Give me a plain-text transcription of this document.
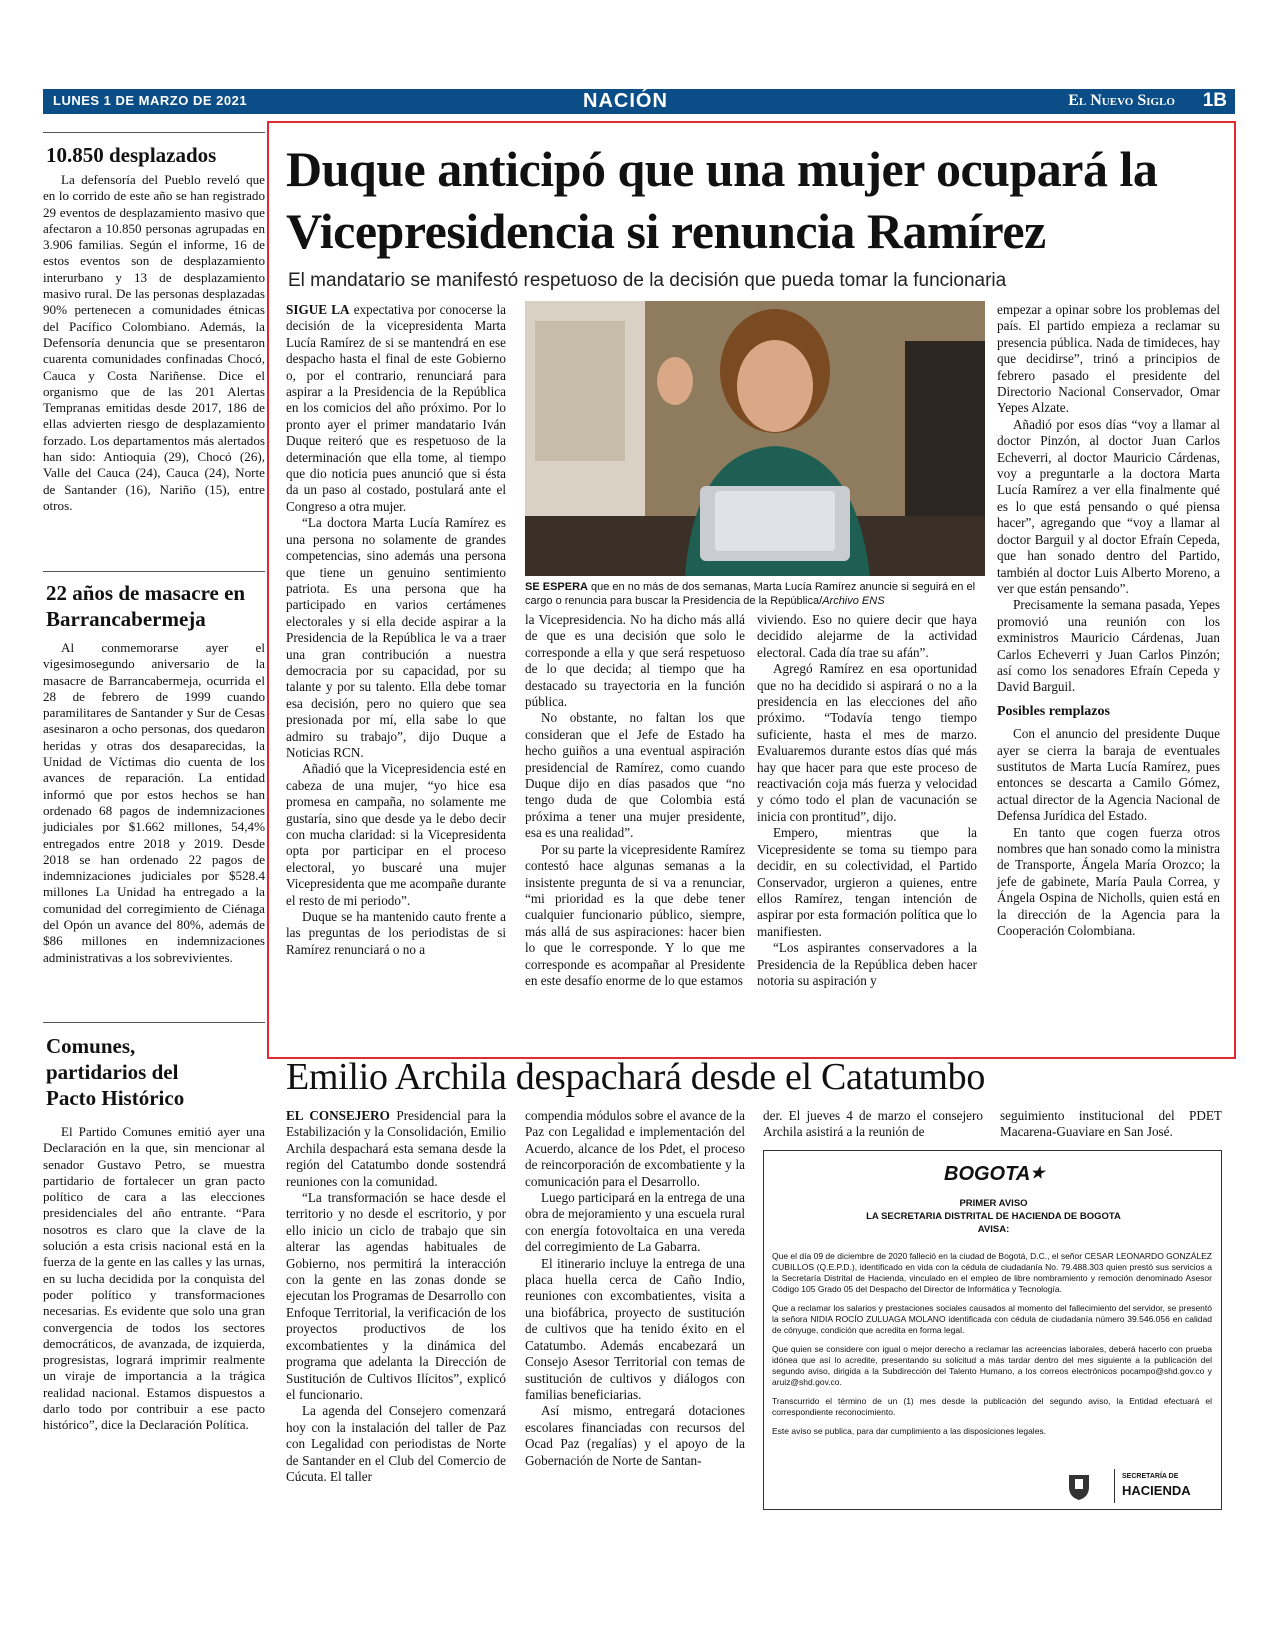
LUNES 1 DE MARZO DE 2021	NACIÓN	El Nuevo Siglo 1B
10.850 desplazados

La defensoría del Pueblo reveló que en lo corrido de este año se han registrado 29 eventos de desplazamiento masivo que afectaron a 10.850 personas agrupadas en 3.906 familias. Según el informe, 16 de estos eventos son de desplazamiento interurbano y 13 de desplazamiento masivo rural. De las personas desplazadas 90% pertenecen a comunidades étnicas del Pacífico Colombiano. Además, la Defensoría denuncia que se presentaron cuarenta comunidades confinadas Chocó, Cauca y Costa Nariñense. Dice el organismo que de las 201 Alertas Tempranas emitidas desde 2017, 186 de ellas advierten riesgo de desplazamiento forzado. Los departamentos más alertados han sido: Antioquia (29), Chocó (26), Valle del Cauca (24), Cauca (24), Norte de Santander (16), Nariño (15), entre otros.

22 años de masacre en Barrancabermeja

Al conmemorarse ayer el vigesimosegundo aniversario de la masacre de Barrancabermeja, ocurrida el 28 de febrero de 1999 cuando paramilitares de Santander y Sur de Cesas asesinaron a ocho personas, dos quedaron heridas y otras dos desaparecidas, la Unidad de Víctimas dio cuenta de los avances de reparación. La entidad informó que por estos hechos se han ordenado 68 pagos de indemnizaciones judiciales por $1.662 millones, 54,4% entregados entre 2018 y 2019. Desde 2018 se han ordenado 22 pagos de indemnizaciones judiciales por $528.4 millones La Unidad ha entregado a la comunidad del corregimiento de Ciénaga del Opón un avance del 80%, además de $86 millones en indemnizaciones administrativas a los sobrevivientes.

Comunes, partidarios del Pacto Histórico

El Partido Comunes emitió ayer una Declaración en la que, sin mencionar al senador Gustavo Petro, se muestra partidario de fortalecer un gran pacto político de cara a las elecciones presidenciales del año entrante. “Para nosotros es claro que la clave de la solución a esta crisis nacional está en la fuerza de la gente en las calles y las urnas, en su lucha decidida por la conquista del poder político y transformaciones necesarias. Es evidente que solo una gran convergencia de todos los sectores democráticos, de avanzada, de izquierda, progresistas, logrará imprimir realmente un viraje de importancia a la trágica realidad nacional. Estamos dispuestos a darlo todo por contribuir a ese pacto histórico”, dice la Declaración Política.

Duque anticipó que una mujer ocupará la Vicepresidencia si renuncia Ramírez
El mandatario se manifestó respetuoso de la decisión que pueda tomar la funcionaria

SIGUE LA expectativa por conocerse la decisión de la vicepresidenta Marta Lucía Ramírez de si se mantendrá en ese despacho hasta el final de este Gobierno o, por el contrario, renunciará para aspirar a la Presidencia de la República en los comicios del año próximo. Por lo pronto ayer el primer mandatario Iván Duque reiteró que es respetuoso de la determinación que ella tome, al tiempo que dio noticia pues anunció que si ésta da un paso al costado, postulará ante el Congreso a otra mujer.

“La doctora Marta Lucía Ramírez es una persona no solamente de grandes competencias, sino además una persona que tiene un genuino sentimiento patriota. Es una persona que ha participado en varios certámenes electorales y si ella decide aspirar a la Presidencia de la República le va a traer una gran contribución a nuestra democracia por su capacidad, por su talante y por su talento. Ella debe tomar esa decisión, pero no quiero que sea presionada por mí, ella sabe lo que admiro su trabajo”, dijo Duque a Noticias RCN.

Añadió que la Vicepresidencia esté en cabeza de una mujer, “yo hice esa promesa en campaña, no solamente me gustaría, sino que desde ya le debo decir con mucha claridad: si la Vicepresidenta opta por participar en el proceso electoral, yo buscaré una mujer Vicepresidenta que me acompañe durante el resto de mi periodo”.

Duque se ha mantenido cauto frente a las preguntas de los periodistas de si Ramírez renunciará o no a

SE ESPERA que en no más de dos semanas, Marta Lucía Ramírez anuncie si seguirá en el cargo o renuncia para buscar la Presidencia de la República/Archivo ENS

la Vicepresidencia. No ha dicho más allá de que es una decisión que solo le corresponde a ella y que será respetuoso de lo que decida; al tiempo que ha destacado su trayectoria en la función pública.

No obstante, no faltan los que consideran que el Jefe de Estado ha hecho guiños a una eventual aspiración presidencial de Ramírez, como cuando Duque dijo en días pasados que “no tengo duda de que Colombia está próxima a tener una mujer presidente, esa es una realidad”.

Por su parte la vicepresidente Ramírez contestó hace algunas semanas a la insistente pregunta de si va a renunciar, “mi prioridad es la que debe tener cualquier funcionario público, siempre, más allá de sus aspiraciones: hacer bien lo que le corresponde. Y lo que me corresponde es acompañar al Presidente en este desafío enorme de lo que estamos

viviendo. Eso no quiere decir que haya decidido alejarme de la actividad electoral. Cada día trae su afán”.

Agregó Ramírez en esa oportunidad que no ha decidido si aspirará o no a la presidencia en las elecciones del año próximo. “Todavía tengo tiempo suficiente, hasta el mes de marzo. Evaluaremos durante estos días qué más hay que hacer para que este proceso de reactivación coja más fuerza y velocidad y cómo todo el plan de vacunación se inicia con prontitud”, dijo.

Empero, mientras que la Vicepresidente se toma su tiempo para decidir, en su colectividad, el Partido Conservador, urgieron a quienes, entre ellos Ramírez, tengan intención de aspirar por esta formación política que lo manifiesten.

“Los aspirantes conservadores a la Presidencia de la República deben hacer notoria su aspiración y

empezar a opinar sobre los problemas del país. El partido empieza a reclamar su presencia pública. Nada de timideces, hay que decidirse”, trinó a principios de febrero pasado el presidente del Directorio Nacional Conservador, Omar Yepes Alzate.

Añadió por esos días “voy a llamar al doctor Pinzón, al doctor Juan Carlos Echeverri, al doctor Mauricio Cárdenas, voy a preguntarle a la doctora Marta Lucía Ramírez a ver ella finalmente qué es lo que está pensando o qué piensa hacer”, agregando que “voy a llamar al doctor Barguil y al doctor Efraín Cepeda, que han sonado dentro del Partido, también al doctor Luis Alberto Moreno, a ver que están pensando”.

Precisamente la semana pasada, Yepes promovió una reunión con los exministros Mauricio Cárdenas, Juan Carlos Echeverri y Juan Carlos Pinzón; así como los senadores Efraín Cepeda y David Barguil.

Posibles remplazos

Con el anuncio del presidente Duque ayer se cierra la baraja de eventuales sustitutos de Marta Lucía Ramírez, pues entonces se descarta a Camilo Gómez, actual director de la Agencia Nacional de Defensa Jurídica del Estado.

En tanto que cogen fuerza otros nombres que han sonado como la ministra de Transporte, Ángela María Orozco; la jefe de gabinete, María Paula Correa, y Ángela Ospina de Nicholls, quien está en la dirección de la Agencia para la Cooperación Colombiana.

Emilio Archila despachará desde el Catatumbo

EL CONSEJERO Presidencial para la Estabilización y la Consolidación, Emilio Archila despachará esta semana desde la región del Catatumbo donde sostendrá reuniones con la comunidad.

“La transformación se hace desde el territorio y no desde el escritorio, y por ello inicio un ciclo de trabajo que sin alterar las agendas habituales de Gobierno, nos permitirá la interacción con la gente en las zonas donde se ejecutan los Programas de Desarrollo con Enfoque Territorial, la verificación de los proyectos productivos de los excombatientes y la dinámica del programa que adelanta la Dirección de Sustitución de Cultivos Ilícitos”, explicó el funcionario.

La agenda del Consejero comenzará hoy con la instalación del taller de Paz con Legalidad con periodistas de Norte de Santander en el Club del Comercio de Cúcuta. El taller

compendia módulos sobre el avance de la Paz con Legalidad e implementación del Acuerdo, alcance de los Pdet, el proceso de reincorporación de excombatiente y la comunicación para el Desarrollo.

Luego participará en la entrega de una obra de mejoramiento y una escuela rural con energía fotovoltaica en una vereda del corregimiento de La Gabarra.

El itinerario incluye la entrega de una placa huella cerca de Caño Indio, reuniones con excombatientes, visita a una biofábrica, proyecto de sustitución de cultivos que ha tenido éxito en el Catatumbo. Además encabezará un Consejo Asesor Territorial con temas de sustitución de cultivos y diálogos con familias beneficiarias.

Así mismo, entregará dotaciones escolares financiadas con recursos del Ocad Paz (regalías) y el apoyo de la Gobernación de Norte de Santan-

der. El jueves 4 de marzo el consejero Archila asistirá a la reunión de

seguimiento institucional del PDET Macarena-Guaviare en San José.

BOGOTA★
PRIMER AVISO
LA SECRETARIA DISTRITAL DE HACIENDA DE BOGOTA
AVISA:

Que el día 09 de diciembre de 2020 falleció en la ciudad de Bogotá, D.C., el señor CESAR LEONARDO GONZÁLEZ CUBILLOS (Q.E.P.D.), identificado en vida con la cédula de ciudadanía No. 79.488.303 quien prestó sus servicios a la Secretaría Distrital de Hacienda, vinculado en el empleo de libre nombramiento y remoción denominado Asesor Código 105 Grado 05 del Despacho del Director de Informática y Tecnología.

Que a reclamar los salarios y prestaciones sociales causados al momento del fallecimiento del servidor, se presentó la señora NIDIA ROCÍO ZULUAGA MOLANO identificada con cédula de ciudadanía número 39.546.056 en calidad de cónyuge, condición que acredita en forma legal.

Que quien se considere con igual o mejor derecho a reclamar las acreencias laborales, deberá hacerlo con prueba idónea que así lo acredite, presentando su solicitud a más tardar dentro del mes siguiente a la publicación del segundo aviso, dirigida a la Subdirección del Talento Humano, a los correos electrónicos pocampo@shd.gov.co y aruiz@shd.gov.co.

Transcurrido el término de un (1) mes desde la publicación del segundo aviso, la Entidad efectuará el correspondiente reconocimiento.

Este aviso se publica, para dar cumplimiento a las disposiciones legales.

SECRETARÍA DE
HACIENDA
